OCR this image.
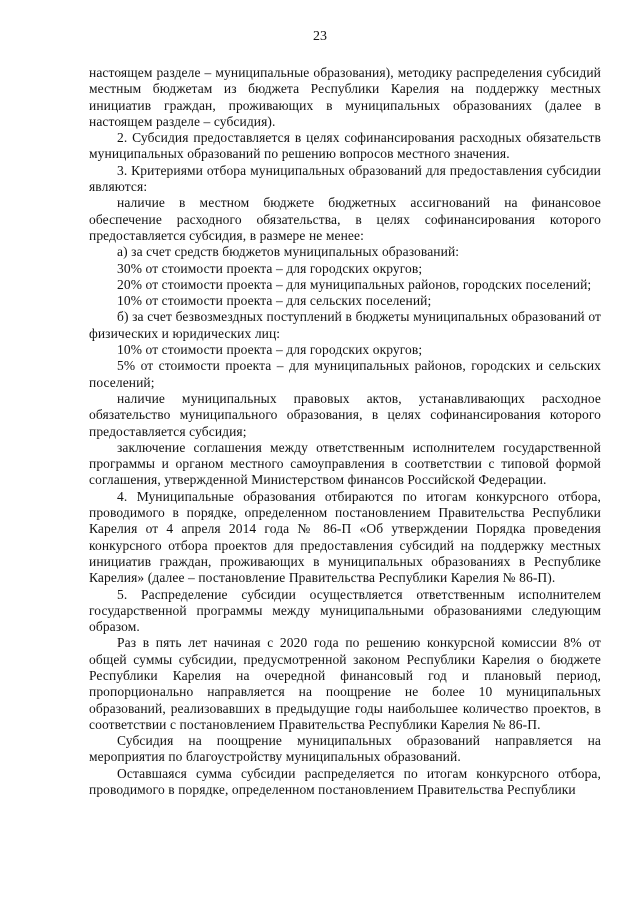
23
настоящем разделе – муниципальные образования), методику распределения субсидий местным бюджетам из бюджета Республики Карелия на поддержку местных инициатив граждан, проживающих в муниципальных образованиях (далее в настоящем разделе – субсидия).
2. Субсидия предоставляется в целях софинансирования расходных обязательств муниципальных образований по решению вопросов местного значения.
3. Критериями отбора муниципальных образований для предоставления субсидии являются:
наличие в местном бюджете бюджетных ассигнований на финансовое обеспечение расходного обязательства, в целях софинансирования которого предоставляется субсидия, в размере не менее:
а) за счет средств бюджетов муниципальных образований:
30% от стоимости проекта – для городских округов;
20% от стоимости проекта – для муниципальных районов, городских поселений;
10% от стоимости проекта – для сельских поселений;
б) за счет безвозмездных поступлений в бюджеты муниципальных образований от физических и юридических лиц:
10% от стоимости проекта – для городских округов;
5% от стоимости проекта – для муниципальных районов, городских и сельских поселений;
наличие муниципальных правовых актов, устанавливающих расходное обязательство муниципального образования, в целях софинансирования которого предоставляется субсидия;
заключение соглашения между ответственным исполнителем государственной программы и органом местного самоуправления в соответствии с типовой формой соглашения, утвержденной Министерством финансов Российской Федерации.
4. Муниципальные образования отбираются по итогам конкурсного отбора, проводимого в порядке, определенном постановлением Правительства Республики Карелия от 4 апреля 2014 года № 86-П «Об утверждении Порядка проведения конкурсного отбора проектов для предоставления субсидий на поддержку местных инициатив граждан, проживающих в муниципальных образованиях в Республике Карелия» (далее – постановление Правительства Республики Карелия № 86-П).
5. Распределение субсидии осуществляется ответственным исполнителем государственной программы между муниципальными образованиями следующим образом.
Раз в пять лет начиная с 2020 года по решению конкурсной комиссии 8% от общей суммы субсидии, предусмотренной законом Республики Карелия о бюджете Республики Карелия на очередной финансовый год и плановый период, пропорционально направляется на поощрение не более 10 муниципальных образований, реализовавших в предыдущие годы наибольшее количество проектов, в соответствии с постановлением Правительства Республики Карелия № 86-П.
Субсидия на поощрение муниципальных образований направляется на мероприятия по благоустройству муниципальных образований.
Оставшаяся сумма субсидии распределяется по итогам конкурсного отбора, проводимого в порядке, определенном постановлением Правительства Республики
